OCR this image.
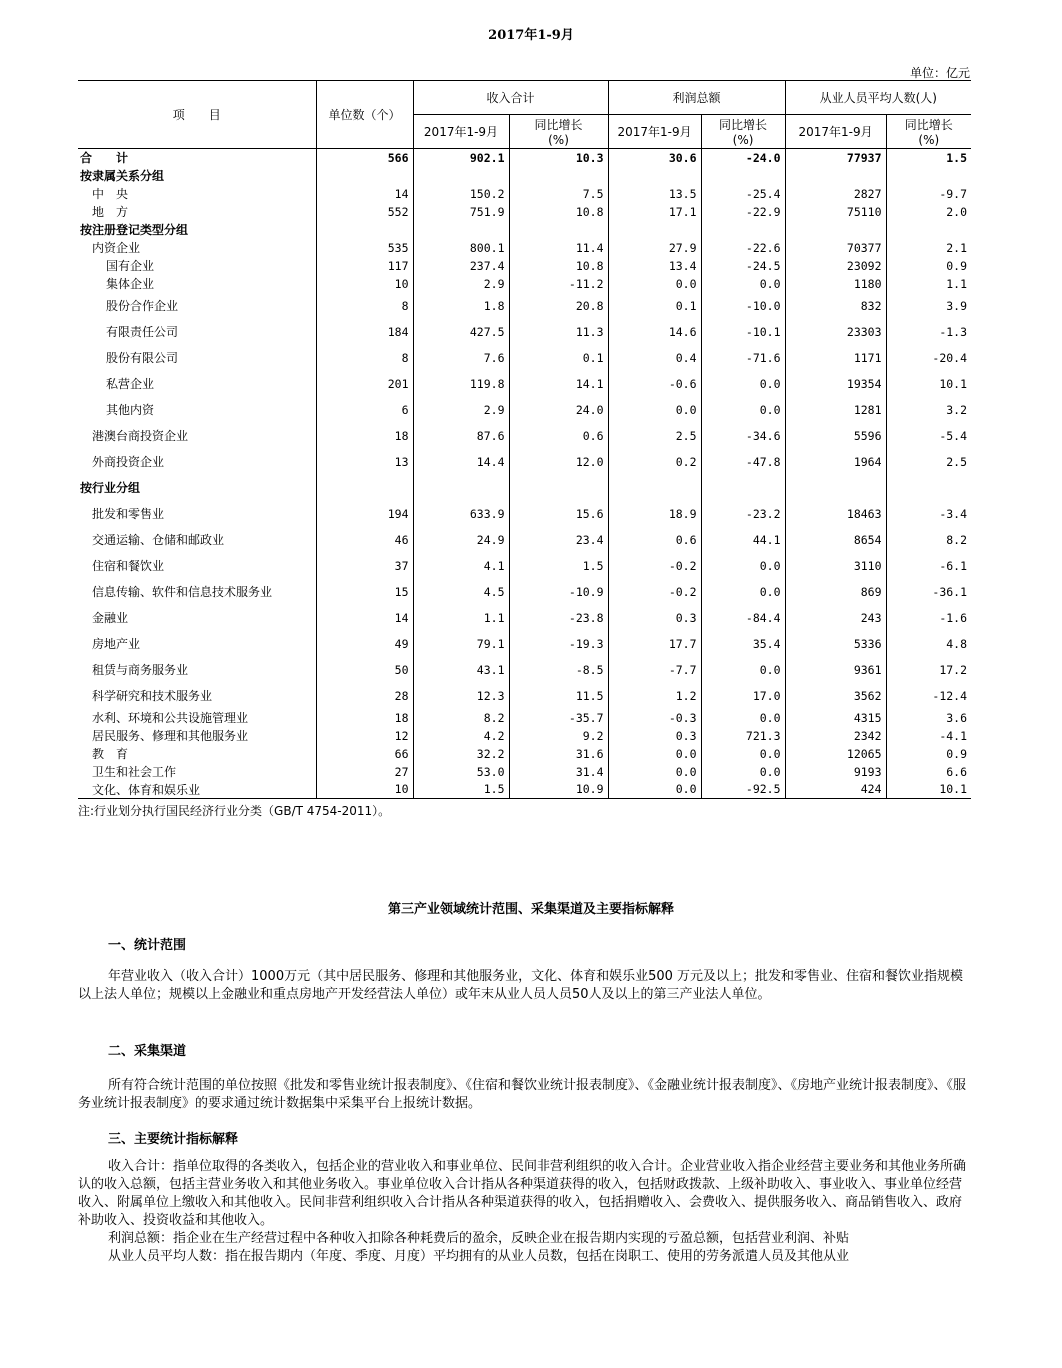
2017年1-9月
单位：亿元
项　　目	单位数（个）	收入合计		利润总额		从业人员平均人数(人)	
		2017年1-9月	同比增长
(%)	2017年1-9月	同比增长
(%)	2017年1-9月	同比增长
(%)
合　　计	566	902.1	10.3	30.6	-24.0	77937	1.5
按隶属关系分组							
中　央	14	150.2	7.5	13.5	-25.4	2827	-9.7
地　方	552	751.9	10.8	17.1	-22.9	75110	2.0
按注册登记类型分组							
内资企业	535	800.1	11.4	27.9	-22.6	70377	2.1
国有企业	117	237.4	10.8	13.4	-24.5	23092	0.9
集体企业	10	2.9	-11.2	0.0	0.0	1180	1.1
股份合作企业	8	1.8	20.8	0.1	-10.0	832	3.9
有限责任公司	184	427.5	11.3	14.6	-10.1	23303	-1.3
股份有限公司	8	7.6	0.1	0.4	-71.6	1171	-20.4
私营企业	201	119.8	14.1	-0.6	0.0	19354	10.1
其他内资	6	2.9	24.0	0.0	0.0	1281	3.2
港澳台商投资企业	18	87.6	0.6	2.5	-34.6	5596	-5.4
外商投资企业	13	14.4	12.0	0.2	-47.8	1964	2.5
按行业分组							
批发和零售业	194	633.9	15.6	18.9	-23.2	18463	-3.4
交通运输、仓储和邮政业	46	24.9	23.4	0.6	44.1	8654	8.2
住宿和餐饮业	37	4.1	1.5	-0.2	0.0	3110	-6.1
信息传输、软件和信息技术服务业	15	4.5	-10.9	-0.2	0.0	869	-36.1
金融业	14	1.1	-23.8	0.3	-84.4	243	-1.6
房地产业	49	79.1	-19.3	17.7	35.4	5336	4.8
租赁与商务服务业	50	43.1	-8.5	-7.7	0.0	9361	17.2
科学研究和技术服务业	28	12.3	11.5	1.2	17.0	3562	-12.4
水利、环境和公共设施管理业	18	8.2	-35.7	-0.3	0.0	4315	3.6
居民服务、修理和其他服务业	12	4.2	9.2	0.3	721.3	2342	-4.1
教　育	66	32.2	31.6	0.0	0.0	12065	0.9
卫生和社会工作	27	53.0	31.4	0.0	0.0	9193	6.6
文化、体育和娱乐业	10	1.5	10.9	0.0	-92.5	424	10.1
注:行业划分执行国民经济行业分类（GB/T 4754-2011）。
第三产业领域统计范围、采集渠道及主要指标解释
一、统计范围

年营业收入（收入合计）1000万元（其中居民服务、修理和其他服务业，文化、体育和娱乐业500 万元及以上；批发和零售业、住宿和餐饮业指规模以上法人单位；规模以上金融业和重点房地产开发经营法人单位）或年末从业人员人员50人及以上的第三产业法人单位。

二、采集渠道

所有符合统计范围的单位按照《批发和零售业统计报表制度》、《住宿和餐饮业统计报表制度》、《金融业统计报表制度》、《房地产业统计报表制度》、《服务业统计报表制度》的要求通过统计数据集中采集平台上报统计数据。

三、主要统计指标解释

收入合计：指单位取得的各类收入，包括企业的营业收入和事业单位、民间非营利组织的收入合计。企业营业收入指企业经营主要业务和其他业务所确认的收入总额，包括主营业务收入和其他业务收入。事业单位收入合计指从各种渠道获得的收入，包括财政拨款、上级补助收入、事业收入、事业单位经营收入、附属单位上缴收入和其他收入。民间非营利组织收入合计指从各种渠道获得的收入，包括捐赠收入、会费收入、提供服务收入、商品销售收入、政府补助收入、投资收益和其他收入。

利润总额：指企业在生产经营过程中各种收入扣除各种耗费后的盈余，反映企业在报告期内实现的亏盈总额，包括营业利润、补贴

从业人员平均人数：指在报告期内（年度、季度、月度）平均拥有的从业人员数，包括在岗职工、使用的劳务派遣人员及其他从业
